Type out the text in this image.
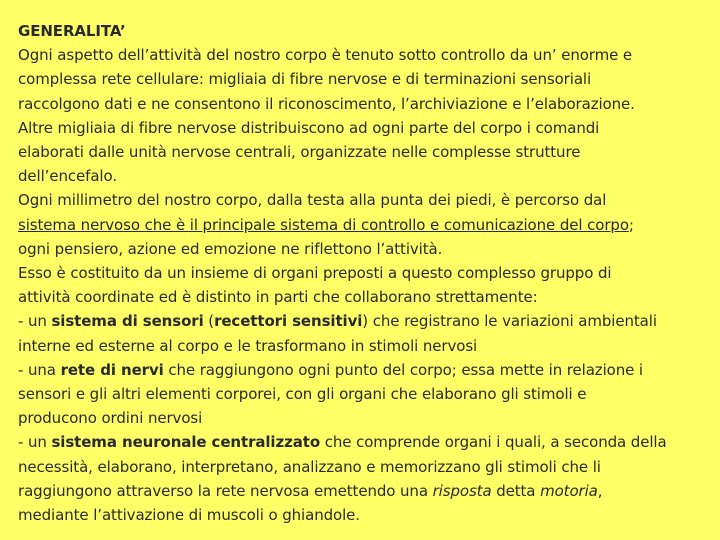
GENERALITA’
Ogni aspetto dell’attività del nostro corpo è tenuto sotto controllo da un’ enorme e
complessa rete cellulare: migliaia di fibre nervose e di terminazioni sensoriali
raccolgono dati e ne consentono il riconoscimento, l’archiviazione e l’elaborazione.
Altre migliaia di fibre nervose distribuiscono ad ogni parte del corpo i comandi
elaborati dalle unità nervose centrali, organizzate nelle complesse strutture
dell’encefalo.
Ogni millimetro del nostro corpo, dalla testa alla punta dei piedi, è percorso dal
sistema nervoso che è il principale sistema di controllo e comunicazione del corpo;
ogni pensiero, azione ed emozione ne riflettono l’attività.
Esso è costituito da un insieme di organi preposti a questo complesso gruppo di
attività coordinate ed è distinto in parti che collaborano strettamente:
- un sistema di sensori (recettori sensitivi) che registrano le variazioni ambientali
interne ed esterne al corpo e le trasformano in stimoli nervosi
- una rete di nervi che raggiungono ogni punto del corpo; essa mette in relazione i
sensori e gli altri elementi corporei, con gli organi che elaborano gli stimoli e
producono ordini nervosi
- un sistema neuronale centralizzato che comprende organi i quali, a seconda della
necessità, elaborano, interpretano, analizzano e memorizzano gli stimoli che li
raggiungono attraverso la rete nervosa emettendo una risposta detta motoria,
mediante l’attivazione di muscoli o ghiandole.
